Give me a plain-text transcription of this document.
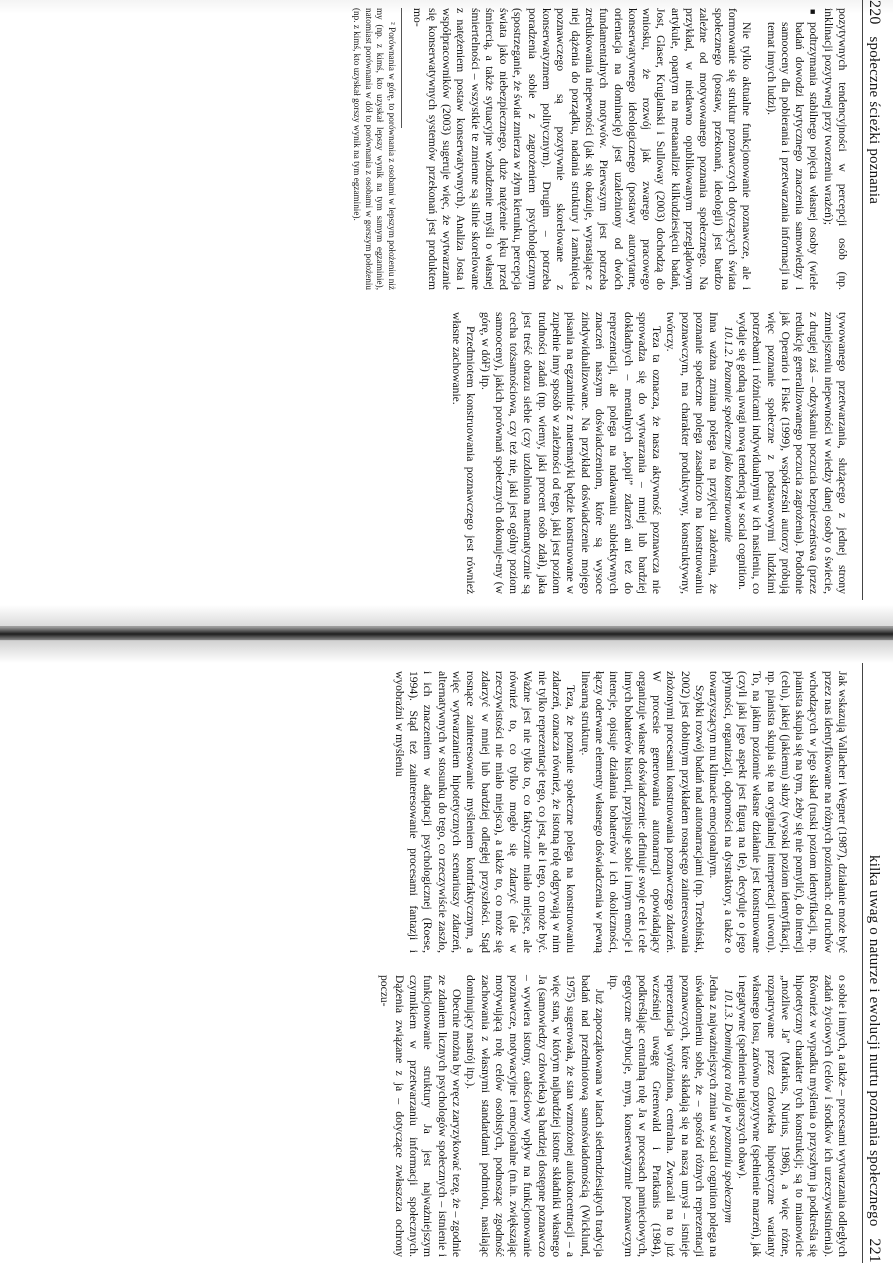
220   społeczne ścieżki poznania

pozytywnych tendencyjności w percepcji osób (np. inklinacji pozytywnej przy tworzeniu wrażeń);

■ podtrzymania stabilnego pojęcia własnej osoby (wiele badań dowodzi krytycznego znaczenia samowiedzy i samooceny dla pobierania i przetwarzania informacji na temat innych ludzi).

Nie tylko aktualne funkcjonowanie poznawcze, ale i formowanie się struktur poznawczych dotyczących świata społecznego (postaw, przekonań, ideologii) jest bardzo zależne od motywowanego poznania społecznego. Na przykład, w niedawno opublikowanym przeglądowym artykule, opartym na metaanalizie kilkudziesięciu badań, Jost, Glaser, Kruglanski i Sulloway (2003) dochodzą do wniosku, że rozwój jak zwarego pracowego konserwatywnego ideologicznego (postawy autorytarne, orientacja na dominację) jest uzależniony od dwóch fundamentalnych motywów. Pierwszym jest potrzeba zredukowania niepewności (jak się okazuje, wyrastające z niej dążenia do porządku, nadania struktury i zamknięcia poznawczego są pozytywnie skorelowane z konserwatyzmem politycznym). Drugim – potrzeba poradzenia sobie z zagrożeniem psychologicznym (spostrzeganie, że świat zmierza w złym kierunku, percepcja świata jako niebezpiecznego, duże natężenie lęku przed śmiercią, a także sytuacyjne wzbudzenie myśli o własnej śmiertelności – wszystkie te zmienne są silnie skorelowane z natężeniem postaw konserwatywnych). Analiza Josta i współpracowników (2003) sugeruje więc, że wytwarzanie się konserwatywnych systemów przekonań jest produktem mo-

² Porównania w górę, to porównania z osobami w lepszym położeniu niż my (np. z kimś, kto uzyskał lepszy wynik na tym samym egzaminie), natomiast porównania w dół to porównania z osobami w gorszym położeniu (np. z kimś, kto uzyskał gorszy wynik na tym egzaminie).

tywowanego przetwarzania, służącego z jednej strony zmniejszeniu niepewności w wiedzy danej osoby o świecie, z drugiej zaś – odzyskaniu poczucia bezpieczeństwa (przez redukcję generalizowanego poczucia zagrożenia). Podobnie jak Operario i Fiske (1999), współcześni autorzy próbują więc poznanie społeczne z podstawowymi ludzkimi potrzebami i różnicami indywidualnymi w ich nasileniu, co wydaje się godną uwagi nową tendencją w social cognition.

10.1.2. Poznanie społeczne jako konstruowanie

Inna ważna zmiana polega na przyjęciu założenia, że poznanie społeczne polega zasadniczo na konstruowaniu poznawczym, ma charakter produktywny, konstruktywny, twórczy.

Teza ta oznacza, że nasza aktywność poznawcza nie sprowadza się do wytwarzania – mniej lub bardziej dokładnych – mentalnych „kopii” zdarzeń ani też do reprezentacji, ale polega na nadawaniu subiektywnych znaczeń naszym doświadczeniom, które są wysoce zindywidualizowane. Na przykład doświadczenie mojego pisania na egzaminie z matematyki będzie konstruowane w zupełnie inny sposób w zależności od tego, jaki jest poziom trudności zadań (np. wiemy, jaki procent osób zdał), jaka jest treść obrazu siebie (czy uzdolniona matematycznie są cecha tożsamościowa, czy też nie, jaki jest ogólny poziom samooceny), jakich porównań społecznych dokonuje-my (w górę, w dół²) itp.

Przedmiotem konstruowania poznawczego jest również własne zachowanie.

kilka uwag o naturze i ewolucji nurtu poznania społecznego   221

Jak wskazują Vallacher i Wegner (1987), działanie może być przez nas identyfikowane na różnych poziomach: od ruchów wchodzących w jego skład (ruski poziom identyfikacji, np. pianista skupia się na tym, żeby się nie pomylić), do intencji (celu), jakiej (jakiemu) służy (wysoki poziom identyfikacji, np. pianista skupia się na oryginalnej interpretacji utworu). To, na jakim poziomie własne działanie jest konstruowane (czyli jaki jego aspekt jest figurą na tle), decyduje o jego płynności, organizacji, odporności na dystraktory, a także o towarzyszącym mu klimacie emocjonalnym.

Szybki rozwój badań nad autonarracjami (np. Trzebiński, 2002) jest dobitnym przykładem rosnącego zainteresowania złożonymi procesami konstruowania poznawczego zdarzeń. W procesie generowania autonarracji opowiadający organizuje własne doświadczenie: definiuje swoje cele i cele innych bohaterów historii, przypisuje sobie i innym emocje i intencje, opisuje działania bohaterów i ich okoliczności, łączy oderwane elementy własnego doświadczenia w pewną linearną strukturę.

Teza, że poznanie społeczne polega na konstruowaniu zdarzeń, oznacza również, że istotną rolę odgrywają w nim nie tylko reprezentacje tego, co jest, ale i tego, co może być. Ważne jest nie tylko to, co faktycznie miało miejsce, ale również to, co tylko mogło się zdarzyć (ale w rzeczywistości nie miało miejsca), a także to, co może się zdarzyć w mniej lub bardziej odległej przyszłości. Stąd rosnące zainteresowanie myśleniem kontrfaktycznym, a więc wytwarzaniem hipotetycznych scenariuszy zdarzeń, alternatywnych w stosunku do tego, co rzeczywiście zaszło, i ich znaczeniem w adaptacji psychologicznej (Roese, 1994). Stąd też zainteresowanie procesami fantazji i wyobraźni w myśleniu

o sobie i innych, a także – procesami wytwarzania odległych zadań życiowych (celów i środków ich urzeczywistnienia). Również w wypadku myślenia o przyszłym ja podkreśla się hipotetyczny charakter tych konstrukcji; są to mianowicie „możliwe Ja” (Markus, Nurius, 1986), a więc różne, rozpatrywane przez człowieka hipotetyczne warianty własnego losu, zarówno pozytywne (spełnienie marzeń), jak i negatywne (spełnienie najgorszych obaw).

10.1.3. Dominująca rola ja w poznaniu społecznym

Jedna z najważniejszych zmian w social cognition polega na uświadomieniu sobie, że – spośród różnych reprezentacji poznawczych, które składają się na naszą umysł – istnieje reprezentacja wyróżniona, centralna. Zwracali na to już wcześniej uwagę Greenwald i Pratkanis (1984), podkreślając centralną rolę Ja w procesach pamięciowych, egotyczne atrybucje, mym, konserwatyzmie poznawczym itp.

Już zapoczątkowana w latach siedemdziesiątych tradycja badań nad przedmiotową samoświadomością (Wicklund, 1975) sugerowała, że stan wzmożonej autokoncentracji – a więc stan, w którym najbardziej istotne składniki własnego Ja (samowiedzy człowieka) są bardziej dostępne poznawczo – wywiera istotny, całościowy wpływ na funkcjonowanie poznawcze, motywacyjne i emocjonalne (m.in. zwiększając motywującą rolę celów osobistych, podnosząc zgodność zachowania z własnymi standardami podmiotu, nasilając dominujący nastrój itp.).

Obecnie można by wręcz zaryzykować tezę, że – zgodnie ze zdaniem licznych psychologów społecznych – istnienie i funkcjonowanie struktury Ja jest najważniejszym czynnikiem w przetwarzaniu informacji społecznych. Dążenia związane z ja – dotyczące zwłaszcza ochrony poczu-
